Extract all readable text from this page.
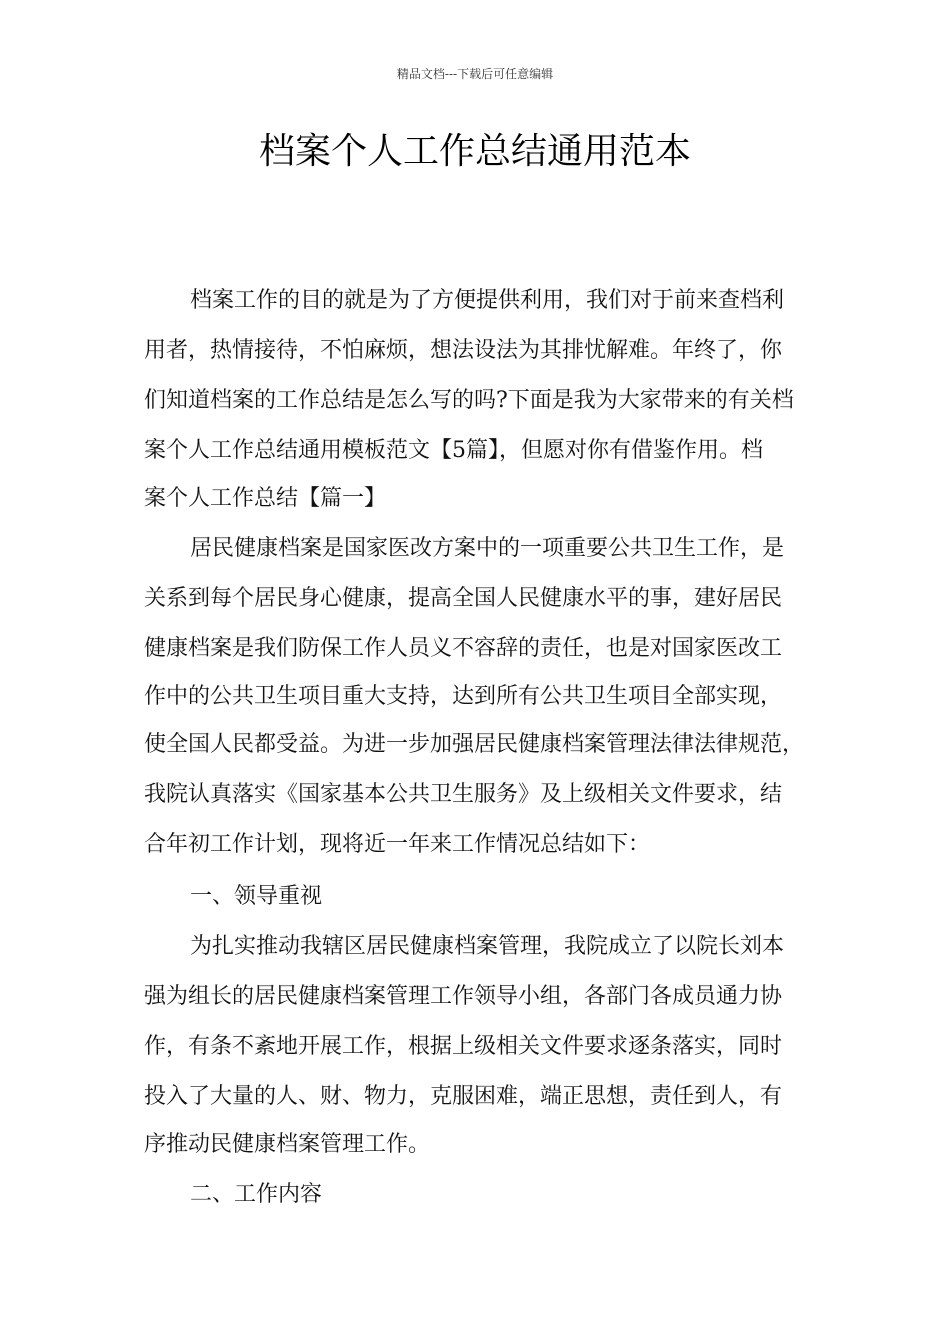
精品文档---下载后可任意编辑
档案个人工作总结通用范本
档案工作的目的就是为了方便提供利用，我们对于前来查档利
用者，热情接待，不怕麻烦，想法设法为其排忧解难。年终了，你
们知道档案的工作总结是怎么写的吗?下面是我为大家带来的有关档
案个人工作总结通用模板范文【5篇】，但愿对你有借鉴作用。档
案个人工作总结【篇一】
居民健康档案是国家医改方案中的一项重要公共卫生工作，是
关系到每个居民身心健康，提高全国人民健康水平的事，建好居民
健康档案是我们防保工作人员义不容辞的责任，也是对国家医改工
作中的公共卫生项目重大支持，达到所有公共卫生项目全部实现，
使全国人民都受益。为进一步加强居民健康档案管理法律法律规范，
我院认真落实《国家基本公共卫生服务》及上级相关文件要求，结
合年初工作计划，现将近一年来工作情况总结如下：
一、领导重视
为扎实推动我辖区居民健康档案管理，我院成立了以院长刘本
强为组长的居民健康档案管理工作领导小组，各部门各成员通力协
作，有条不紊地开展工作，根据上级相关文件要求逐条落实，同时
投入了大量的人、财、物力，克服困难，端正思想，责任到人，有
序推动民健康档案管理工作。
二、工作内容
